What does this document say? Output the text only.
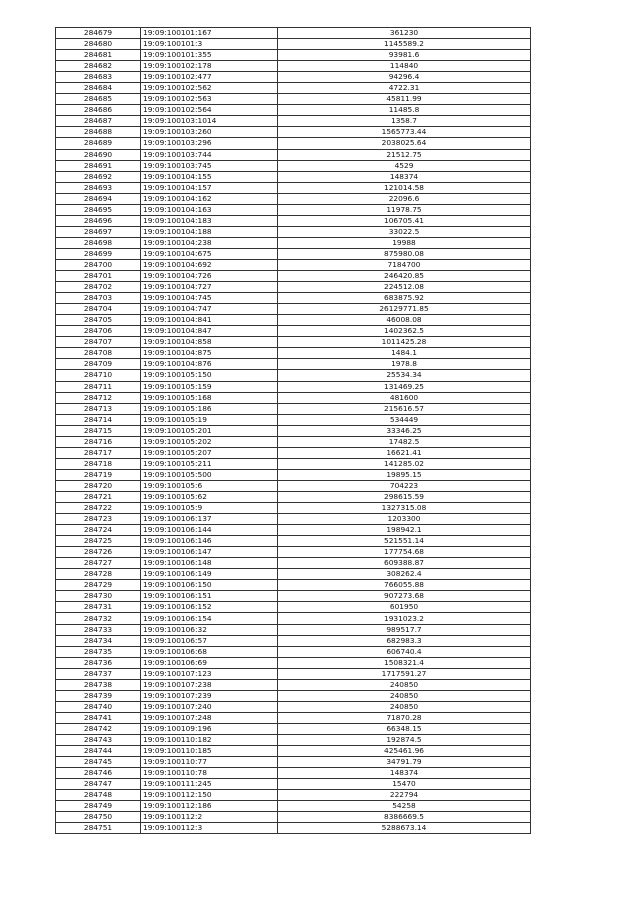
284679	19:09:100101:167	361230
284680	19:09:100101:3	1145589.2
284681	19:09:100101:355	93981.6
284682	19:09:100102:178	114840
284683	19:09:100102:477	94296.4
284684	19:09:100102:562	4722.31
284685	19:09:100102:563	45811.99
284686	19:09:100102:564	11485.8
284687	19:09:100103:1014	1358.7
284688	19:09:100103:260	1565773.44
284689	19:09:100103:296	2038025.64
284690	19:09:100103:744	21512.75
284691	19:09:100103:745	4529
284692	19:09:100104:155	148374
284693	19:09:100104:157	121014.58
284694	19:09:100104:162	22096.6
284695	19:09:100104:163	11978.75
284696	19:09:100104:183	106705.41
284697	19:09:100104:188	33022.5
284698	19:09:100104:238	19988
284699	19:09:100104:675	875980.08
284700	19:09:100104:692	7184700
284701	19:09:100104:726	246420.85
284702	19:09:100104:727	224512.08
284703	19:09:100104:745	683875.92
284704	19:09:100104:747	26129771.85
284705	19:09:100104:841	46008.08
284706	19:09:100104:847	1402362.5
284707	19:09:100104:858	1011425.28
284708	19:09:100104:875	1484.1
284709	19:09:100104:876	1978.8
284710	19:09:100105:150	25534.34
284711	19:09:100105:159	131469.25
284712	19:09:100105:168	481600
284713	19:09:100105:186	215616.57
284714	19:09:100105:19	534449
284715	19:09:100105:201	33346.25
284716	19:09:100105:202	17482.5
284717	19:09:100105:207	16621.41
284718	19:09:100105:211	141285.02
284719	19:09:100105:500	19895.15
284720	19:09:100105:6	704223
284721	19:09:100105:62	298615.59
284722	19:09:100105:9	1327315.08
284723	19:09:100106:137	1203300
284724	19:09:100106:144	198942.1
284725	19:09:100106:146	521551.14
284726	19:09:100106:147	177754.68
284727	19:09:100106:148	609388.87
284728	19:09:100106:149	308262.4
284729	19:09:100106:150	766055.88
284730	19:09:100106:151	907273.68
284731	19:09:100106:152	601950
284732	19:09:100106:154	1931023.2
284733	19:09:100106:32	989517.7
284734	19:09:100106:57	682983.3
284735	19:09:100106:68	606740.4
284736	19:09:100106:69	1508321.4
284737	19:09:100107:123	1717591.27
284738	19:09:100107:238	240850
284739	19:09:100107:239	240850
284740	19:09:100107:240	240850
284741	19:09:100107:248	71870.28
284742	19:09:100109:196	66348.15
284743	19:09:100110:182	192874.5
284744	19:09:100110:185	425461.96
284745	19:09:100110:77	34791.79
284746	19:09:100110:78	148374
284747	19:09:100111:245	15470
284748	19:09:100112:150	222794
284749	19:09:100112:186	54258
284750	19:09:100112:2	8386669.5
284751	19:09:100112:3	5288673.14
